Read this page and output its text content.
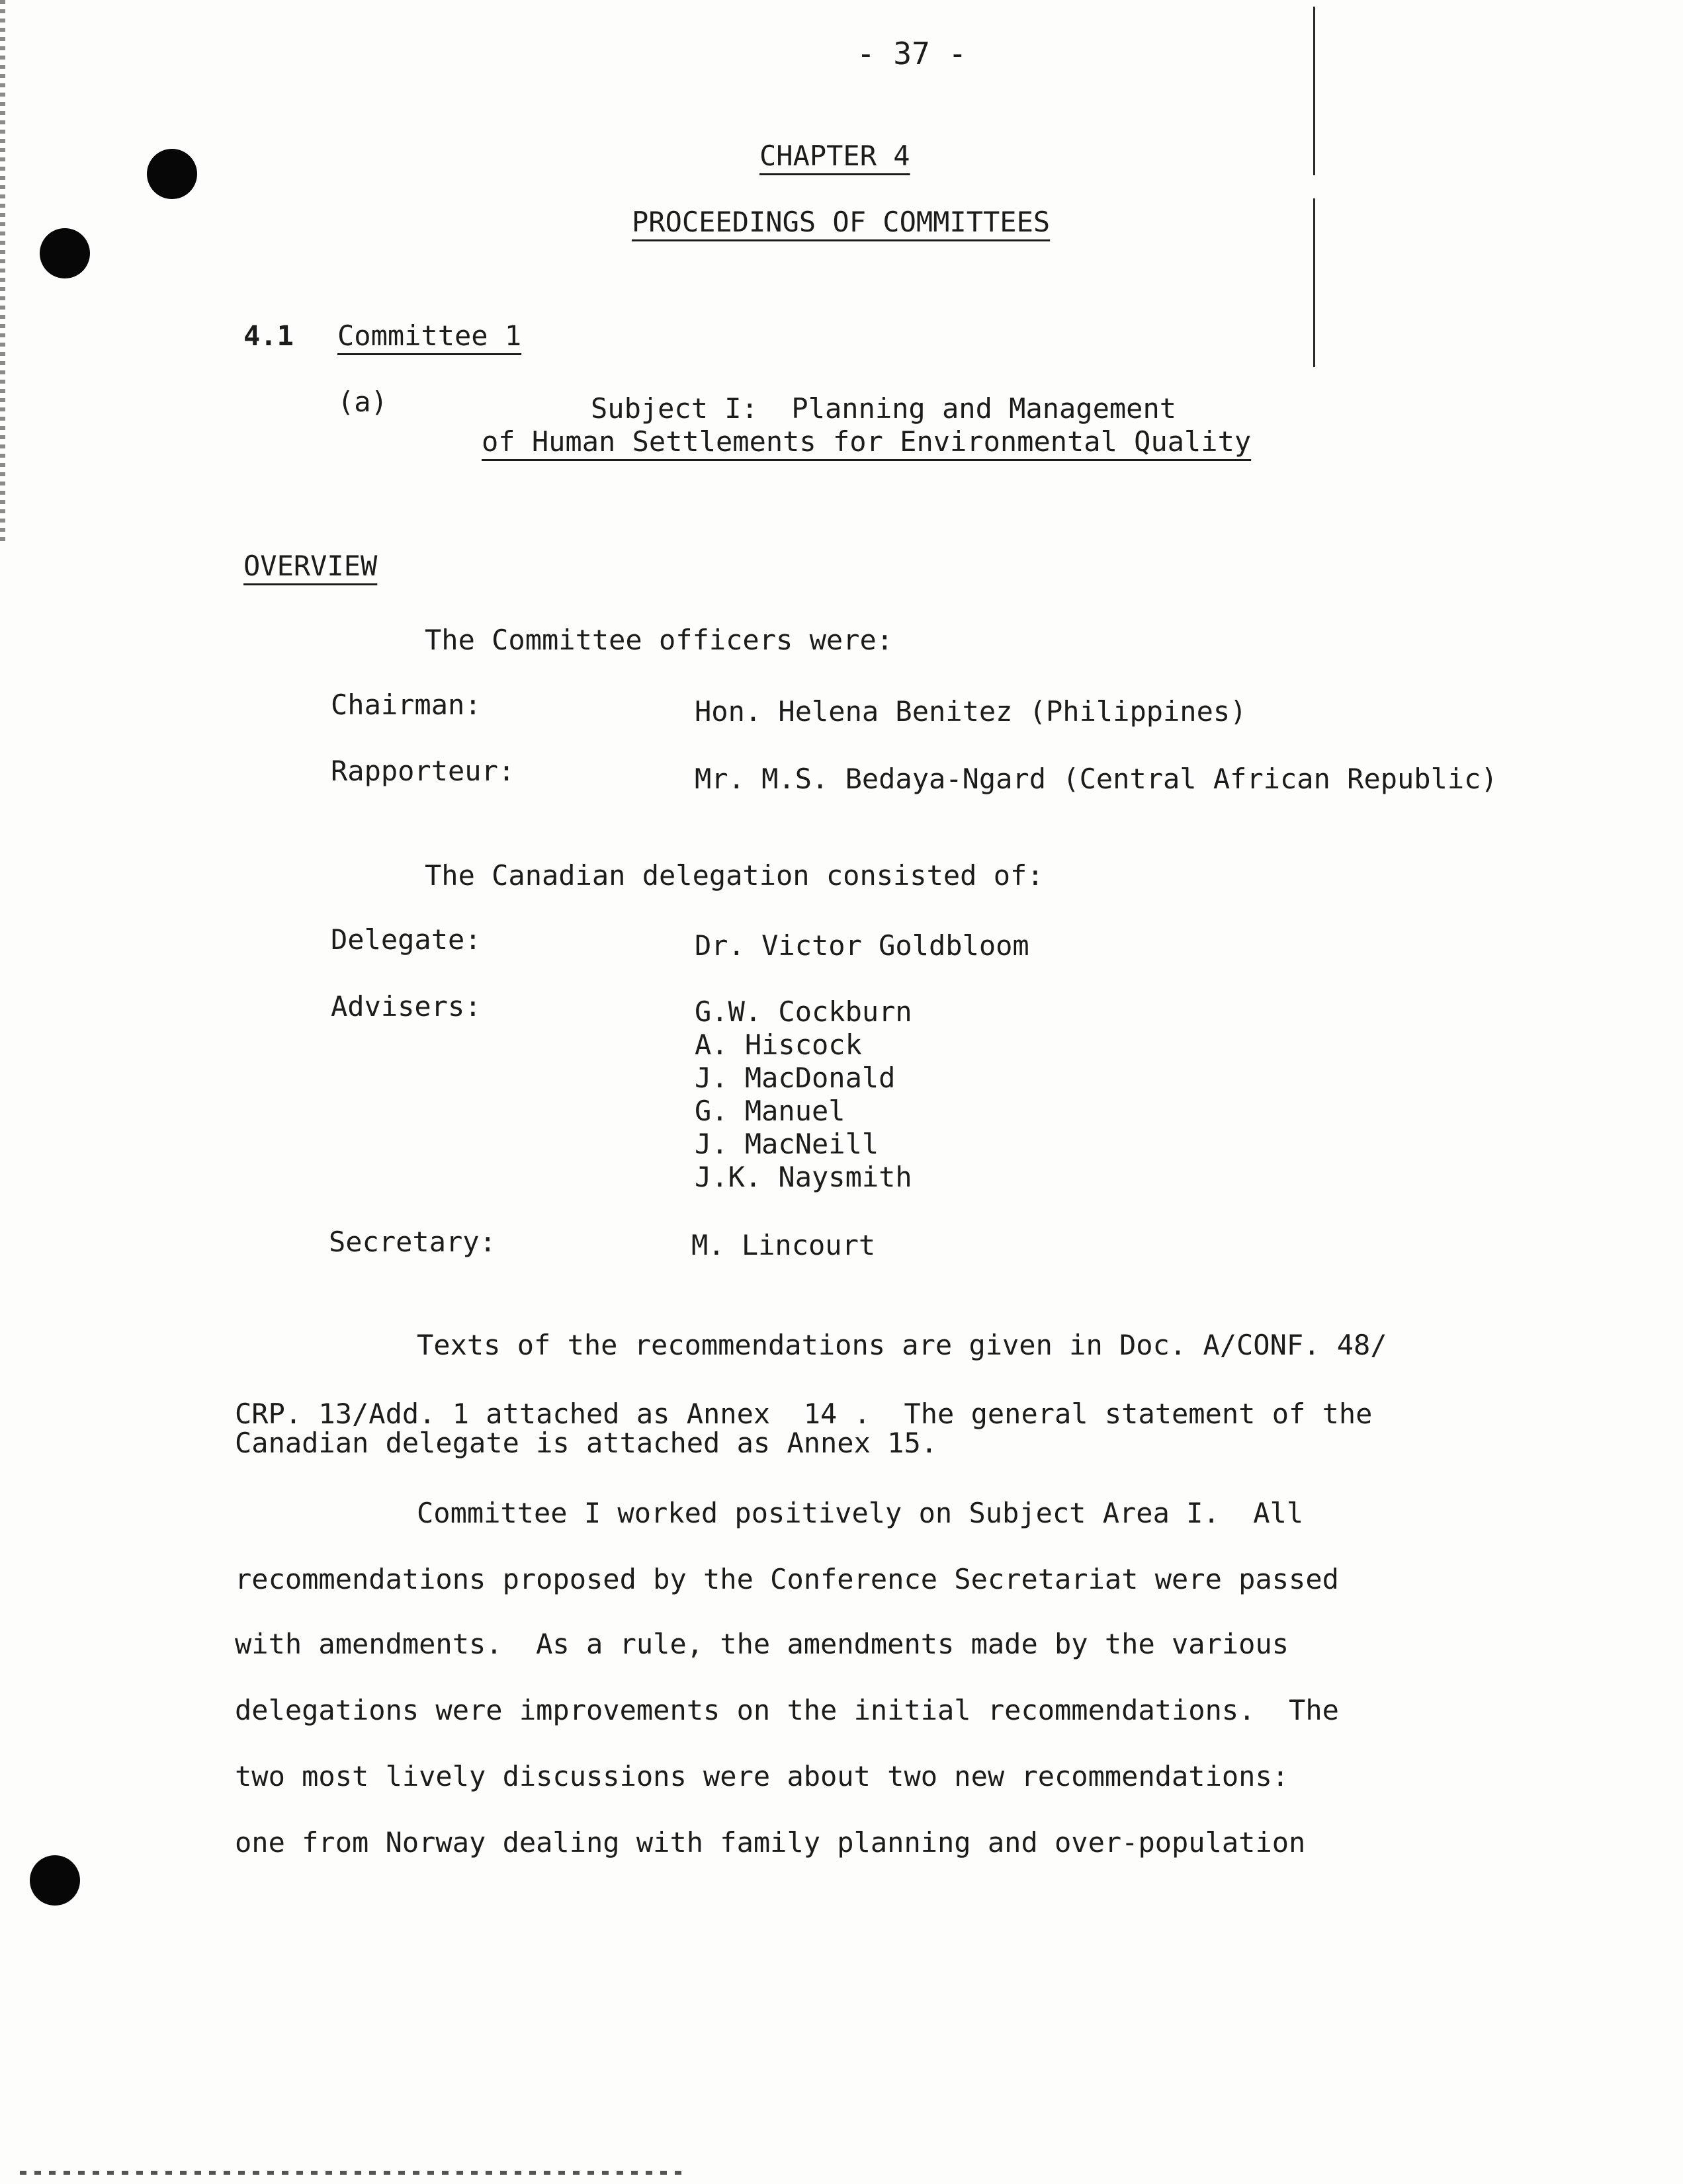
- 37 -
CHAPTER 4
PROCEEDINGS OF COMMITTEES
4.1 Committee 1
(a)	Subject I:  Planning and Management
of Human Settlements for Environmental Quality
OVERVIEW
The Committee officers were:
Chairman:	Hon. Helena Benitez (Philippines)
Rapporteur:	Mr. M.S. Bedaya-Ngard (Central African Republic)
The Canadian delegation consisted of:
Delegate:	Dr. Victor Goldbloom
Advisers:	G.W. Cockburn
A. Hiscock
J. MacDonald
G. Manuel
J. MacNeill
J.K. Naysmith
Secretary:	M. Lincourt
Texts of the recommendations are given in Doc. A/CONF. 48/
CRP. 13/Add. 1 attached as Annex  14 .  The general statement of the
Canadian delegate is attached as Annex 15.
Committee I worked positively on Subject Area I.  All
recommendations proposed by the Conference Secretariat were passed
with amendments.  As a rule, the amendments made by the various
delegations were improvements on the initial recommendations.  The
two most lively discussions were about two new recommendations:
one from Norway dealing with family planning and over-population
